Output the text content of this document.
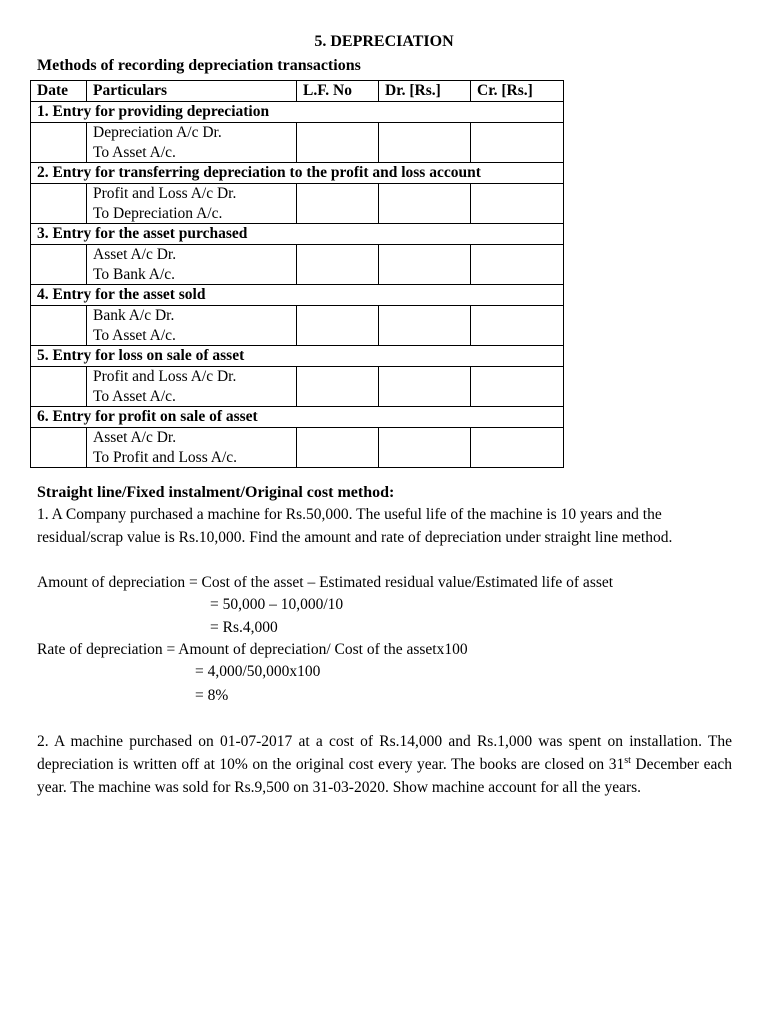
5. DEPRECIATION
Methods of recording depreciation transactions
Date	Particulars	L.F. No	Dr. [Rs.]	Cr. [Rs.]
1. Entry for providing depreciation				

	Depreciation A/c Dr.
To Asset A/c.			

2. Entry for transferring depreciation to the profit and loss account				

	Profit and Loss A/c Dr.
To Depreciation A/c.			

3. Entry for the asset purchased				

	Asset A/c Dr.
To Bank A/c.			

4. Entry for the asset sold				

	Bank A/c Dr.
To Asset A/c.			

5. Entry for loss on sale of asset				

	Profit and Loss A/c Dr.
To Asset A/c.			

6. Entry for profit on sale of asset				

	Asset A/c Dr.
To Profit and Loss A/c.			

Straight line/Fixed instalment/Original cost method:
1. A Company purchased a machine for Rs.50,000. The useful life of the machine is 10 years and the residual/scrap value is Rs.10,000. Find the amount and rate of depreciation under straight line method.
Amount of depreciation = Cost of the asset – Estimated residual value/Estimated life of asset
= 50,000 – 10,000/10
= Rs.4,000
Rate of depreciation = Amount of depreciation/ Cost of the assetx100
= 4,000/50,000x100
= 8%
2. A machine purchased on 01-07-2017 at a cost of Rs.14,000 and Rs.1,000 was spent on installation. The depreciation is written off at 10% on the original cost every year. The books are closed on 31st December each year. The machine was sold for Rs.9,500 on 31-03-2020. Show machine account for all the years.
